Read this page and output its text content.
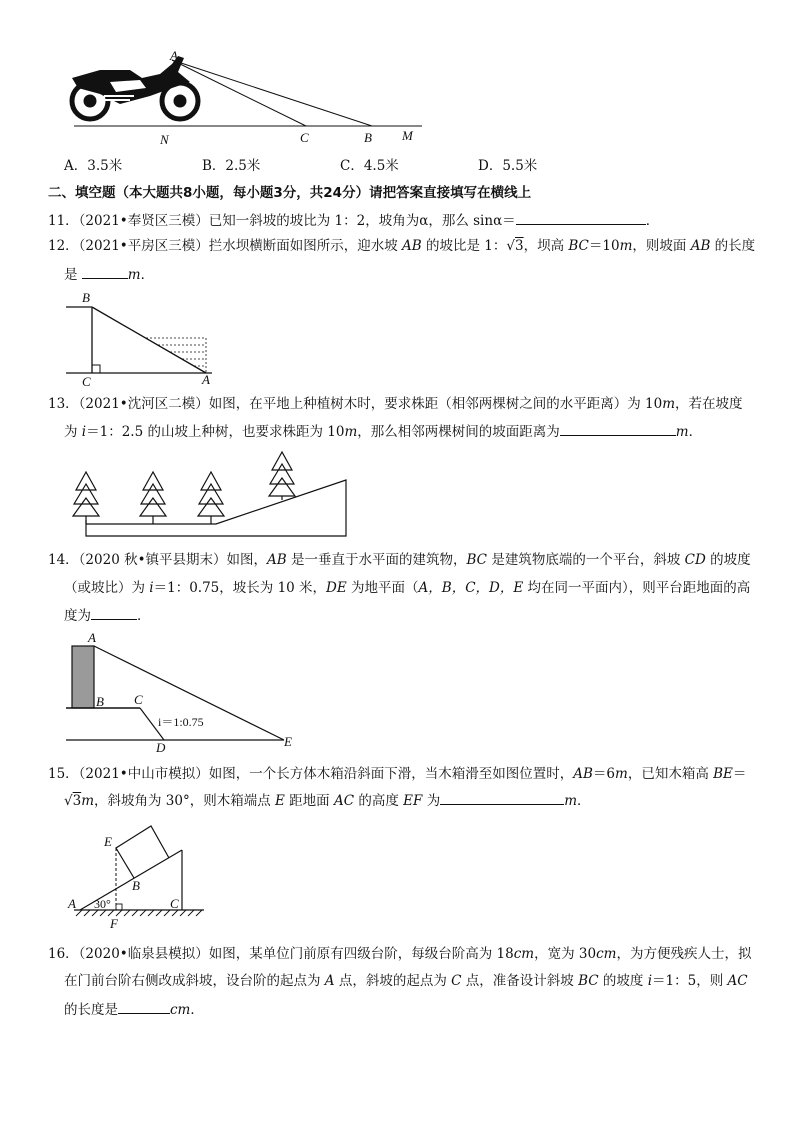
A
N	C	B M
A．3.5米	B．2.5米	C．4.5米	D．5.5米
二、填空题（本大题共8小题，每小题3分，共24分）请把答案直接填写在横线上
11．（2021•奉贤区三模）已知一斜坡的坡比为 1：2，坡角为α，那么 sinα＝	．
12．（2021•平房区三模）拦水坝横断面如图所示，迎水坡 AB 的坡比是 1：√3，坝高 BC＝10m，则坡面 AB 的长度
是	m．
B
C	A
13．（2021•沈河区二模）如图，在平地上种植树木时，要求株距（相邻两棵树之间的水平距离）为 10m，若在坡度
为 i＝1：2.5 的山坡上种树，也要求株距为 10m，那么相邻两棵树间的坡面距离为	m．
14．（2020 秋•镇平县期末）如图，AB 是一垂直于水平面的建筑物，BC 是建筑物底端的一个平台，斜坡 CD 的坡度
（或坡比）为 i＝1：0.75，坡长为 10 米，DE 为地平面（A，B，C，D，E 均在同一平面内），则平台距地面的高
度为	．
A
B C
D	E
i＝1:0.75
15．（2021•中山市模拟）如图，一个长方体木箱沿斜面下滑，当木箱滑至如图位置时，AB＝6m，已知木箱高 BE＝
√3m，斜坡角为 30°，则木箱端点 E 距地面 AC 的高度 EF 为	m．
E
B
A	C
F
30°
16．（2020•临泉县模拟）如图，某单位门前原有四级台阶，每级台阶高为 18cm，宽为 30cm，为方便残疾人士，拟
在门前台阶右侧改成斜坡，设台阶的起点为 A 点，斜坡的起点为 C 点，准备设计斜坡 BC 的坡度 i＝1：5，则 AC
的长度是	cm．
